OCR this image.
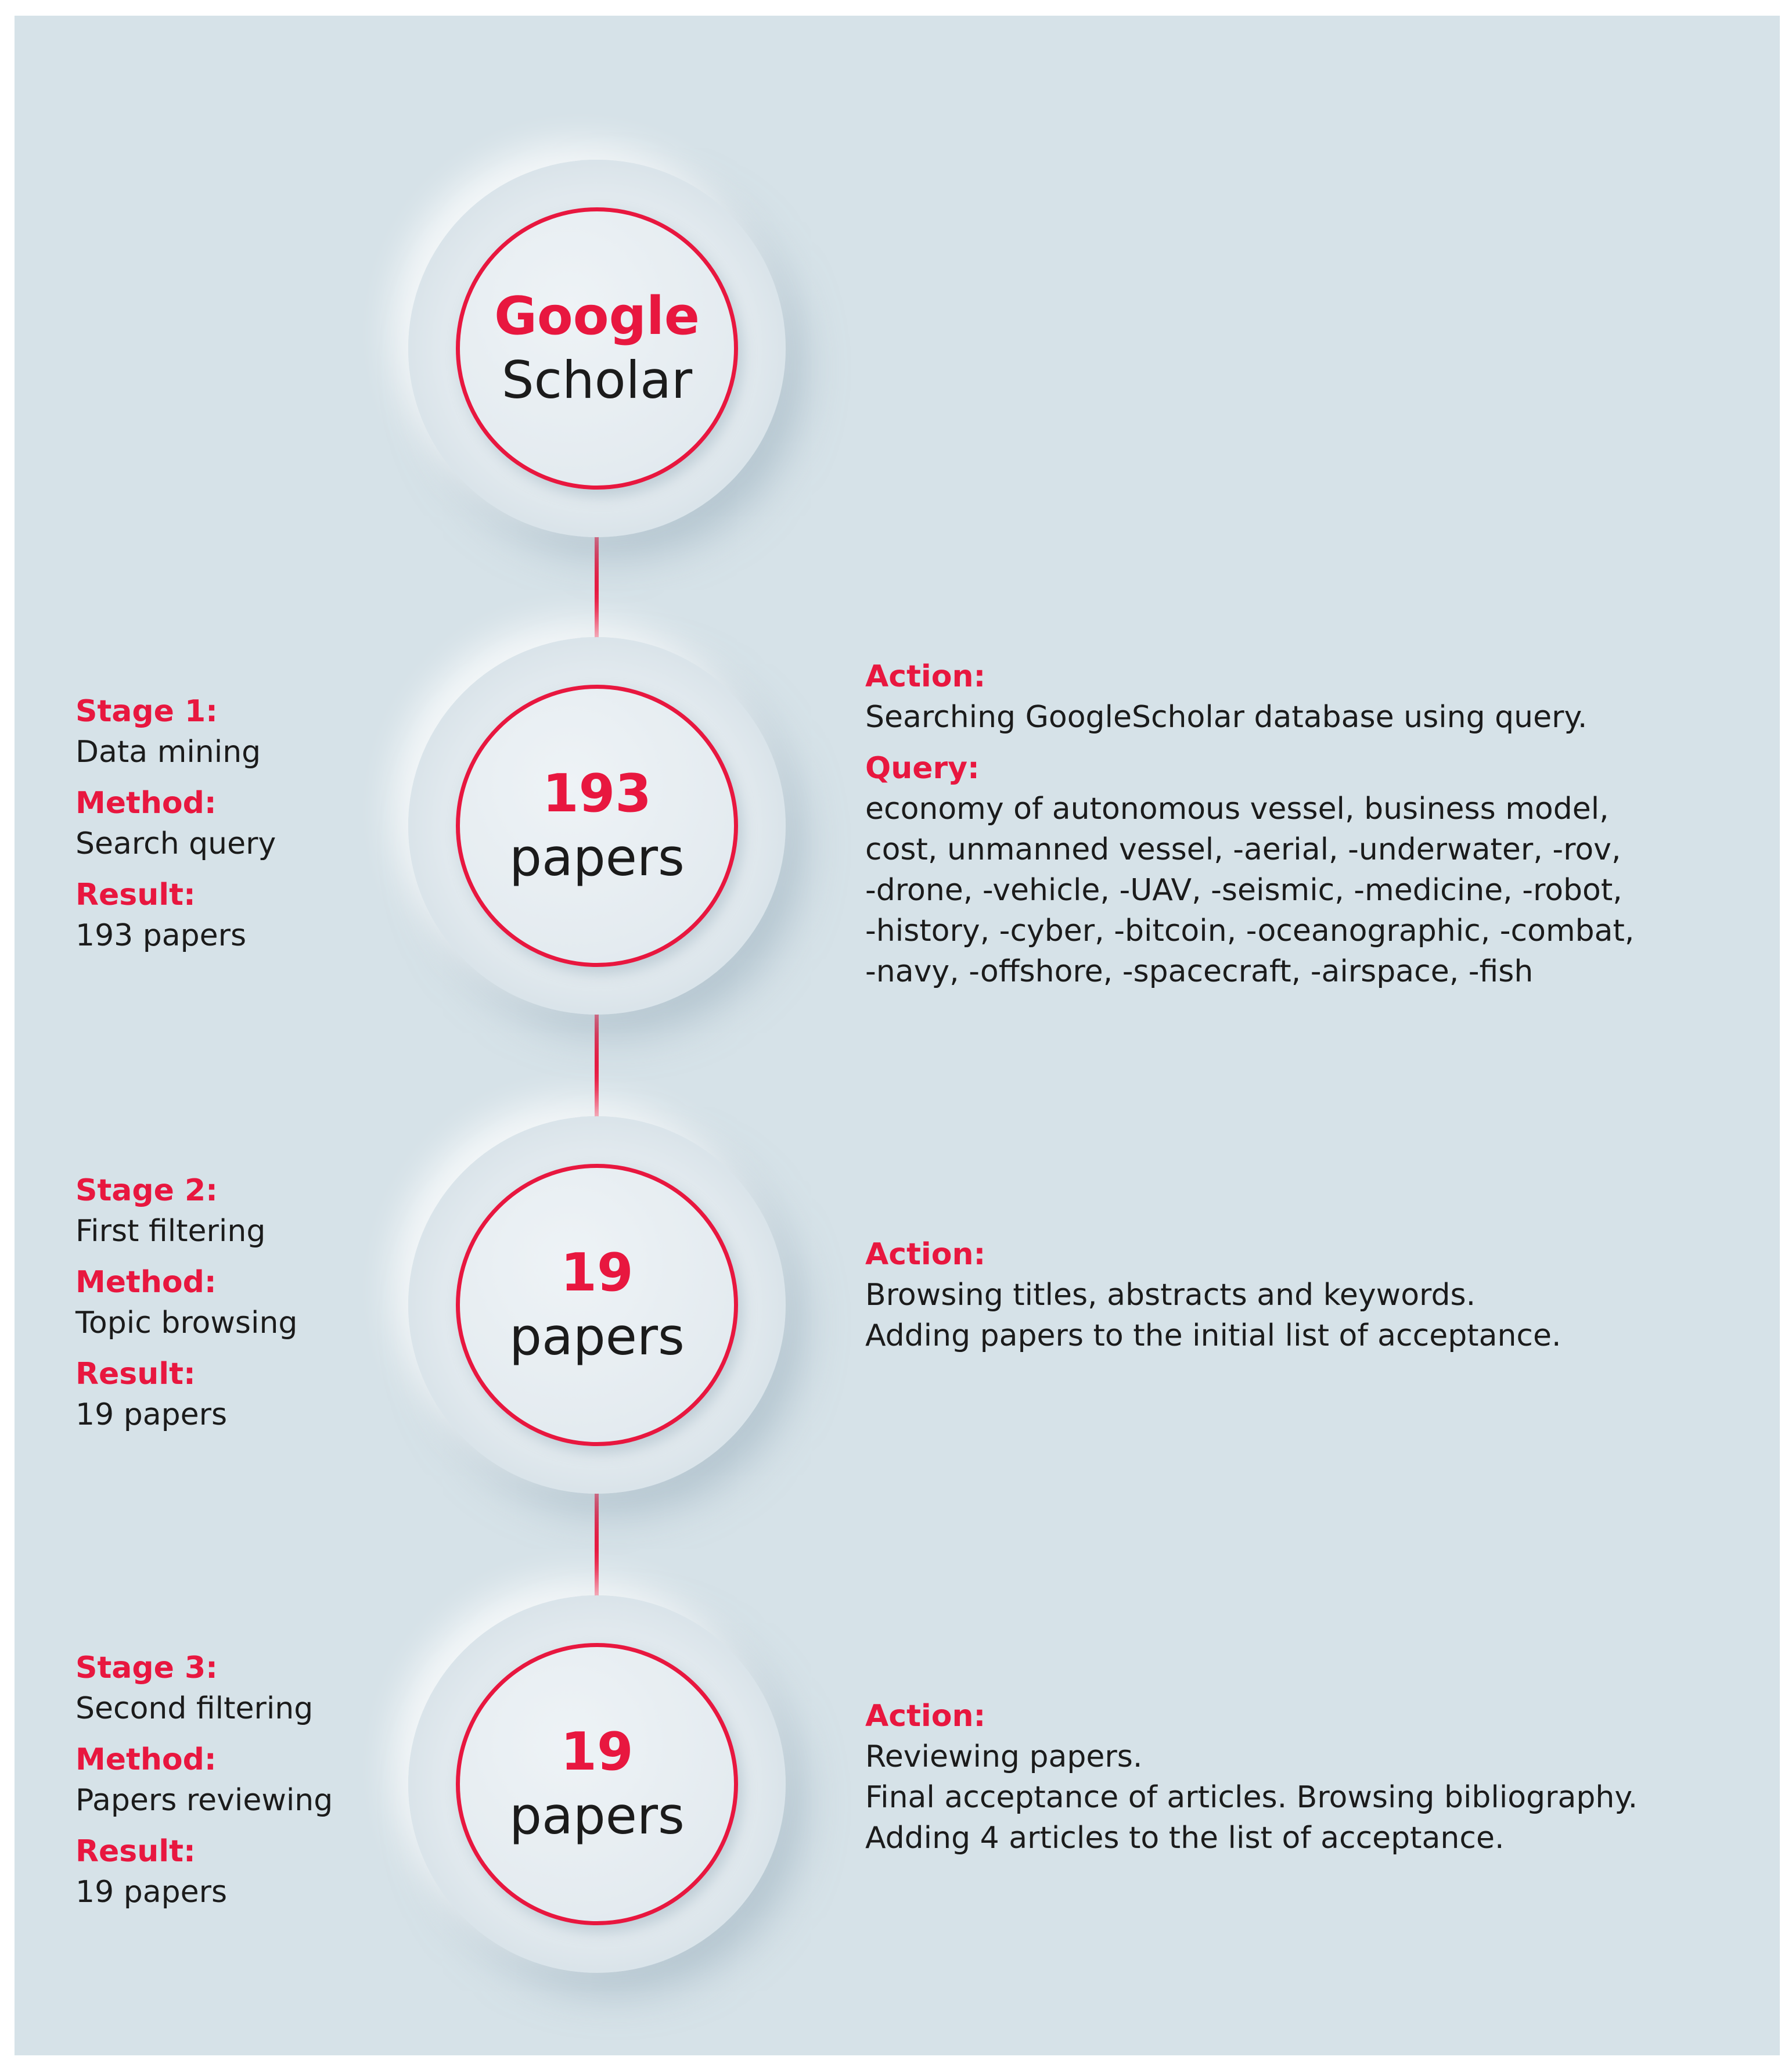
Google
Scholar
193
papers
19
papers
19
papers
Stage 1:
Data mining
Method:
Search query
Result:
193 papers
Action:
Searching GoogleScholar database using query.
Query:
economy of autonomous vessel, business model,
cost, unmanned vessel, -aerial, -underwater, -rov,
-drone, -vehicle, -UAV, -seismic, -medicine, -robot,
-history, -cyber, -bitcoin, -oceanographic, -combat,
-navy, -offshore, -spacecraft, -airspace, -fish
Stage 2:
First filtering
Method:
Topic browsing
Result:
19 papers
Action:
Browsing titles, abstracts and keywords.
Adding papers to the initial list of acceptance.
Stage 3:
Second filtering
Method:
Papers reviewing
Result:
19 papers
Action:
Reviewing papers.
Final acceptance of articles. Browsing bibliography.
Adding 4 articles to the list of acceptance.
